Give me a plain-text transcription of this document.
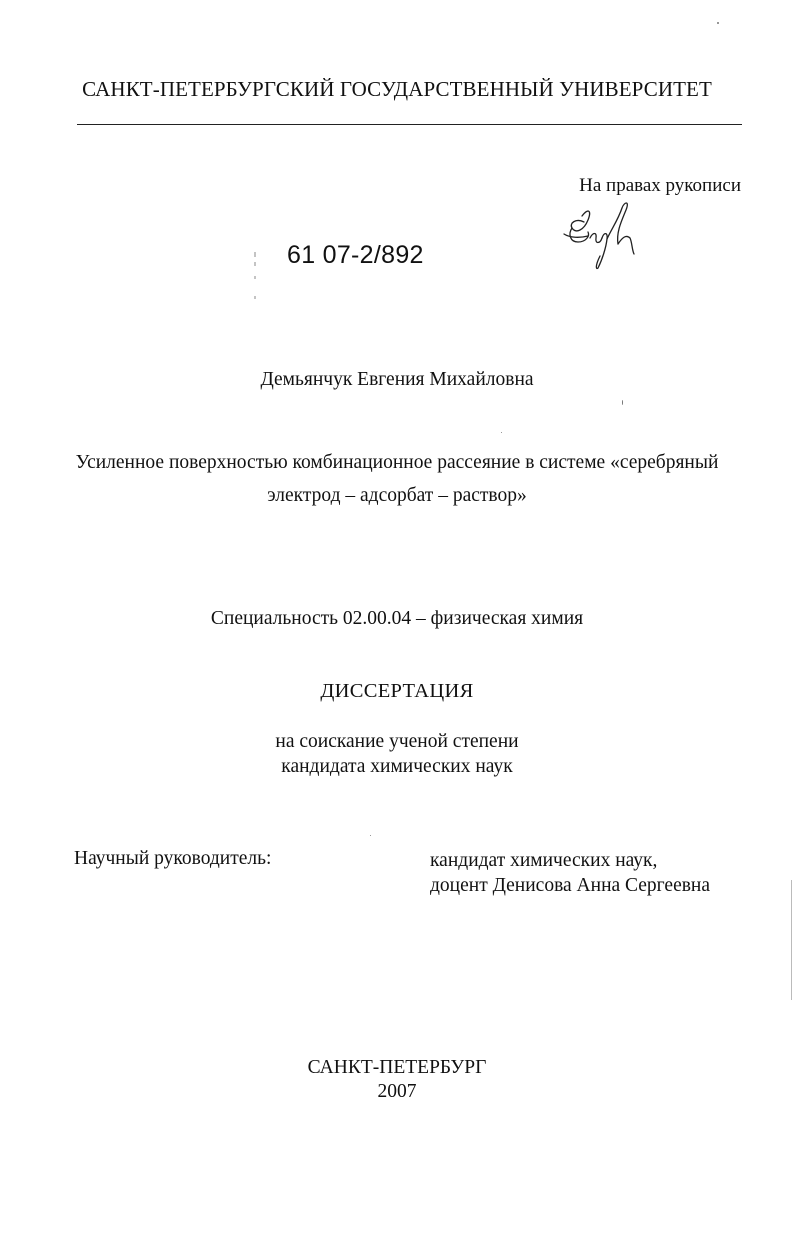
САНКТ-ПЕТЕРБУРГСКИЙ ГОСУДАРСТВЕННЫЙ УНИВЕРСИТЕТ
На правах рукописи
61 07-2/892
Демьянчук Евгения Михайловна
Усиленное поверхностью комбинационное рассеяние в системе «серебряный
электрод – адсорбат – раствор»
Специальность 02.00.04 – физическая химия
ДИССЕРТАЦИЯ
на соискание ученой степени
кандидата химических наук
Научный руководитель:	кандидат химических наук,
доцент Денисова Анна Сергеевна
САНКТ-ПЕТЕРБУРГ
2007
